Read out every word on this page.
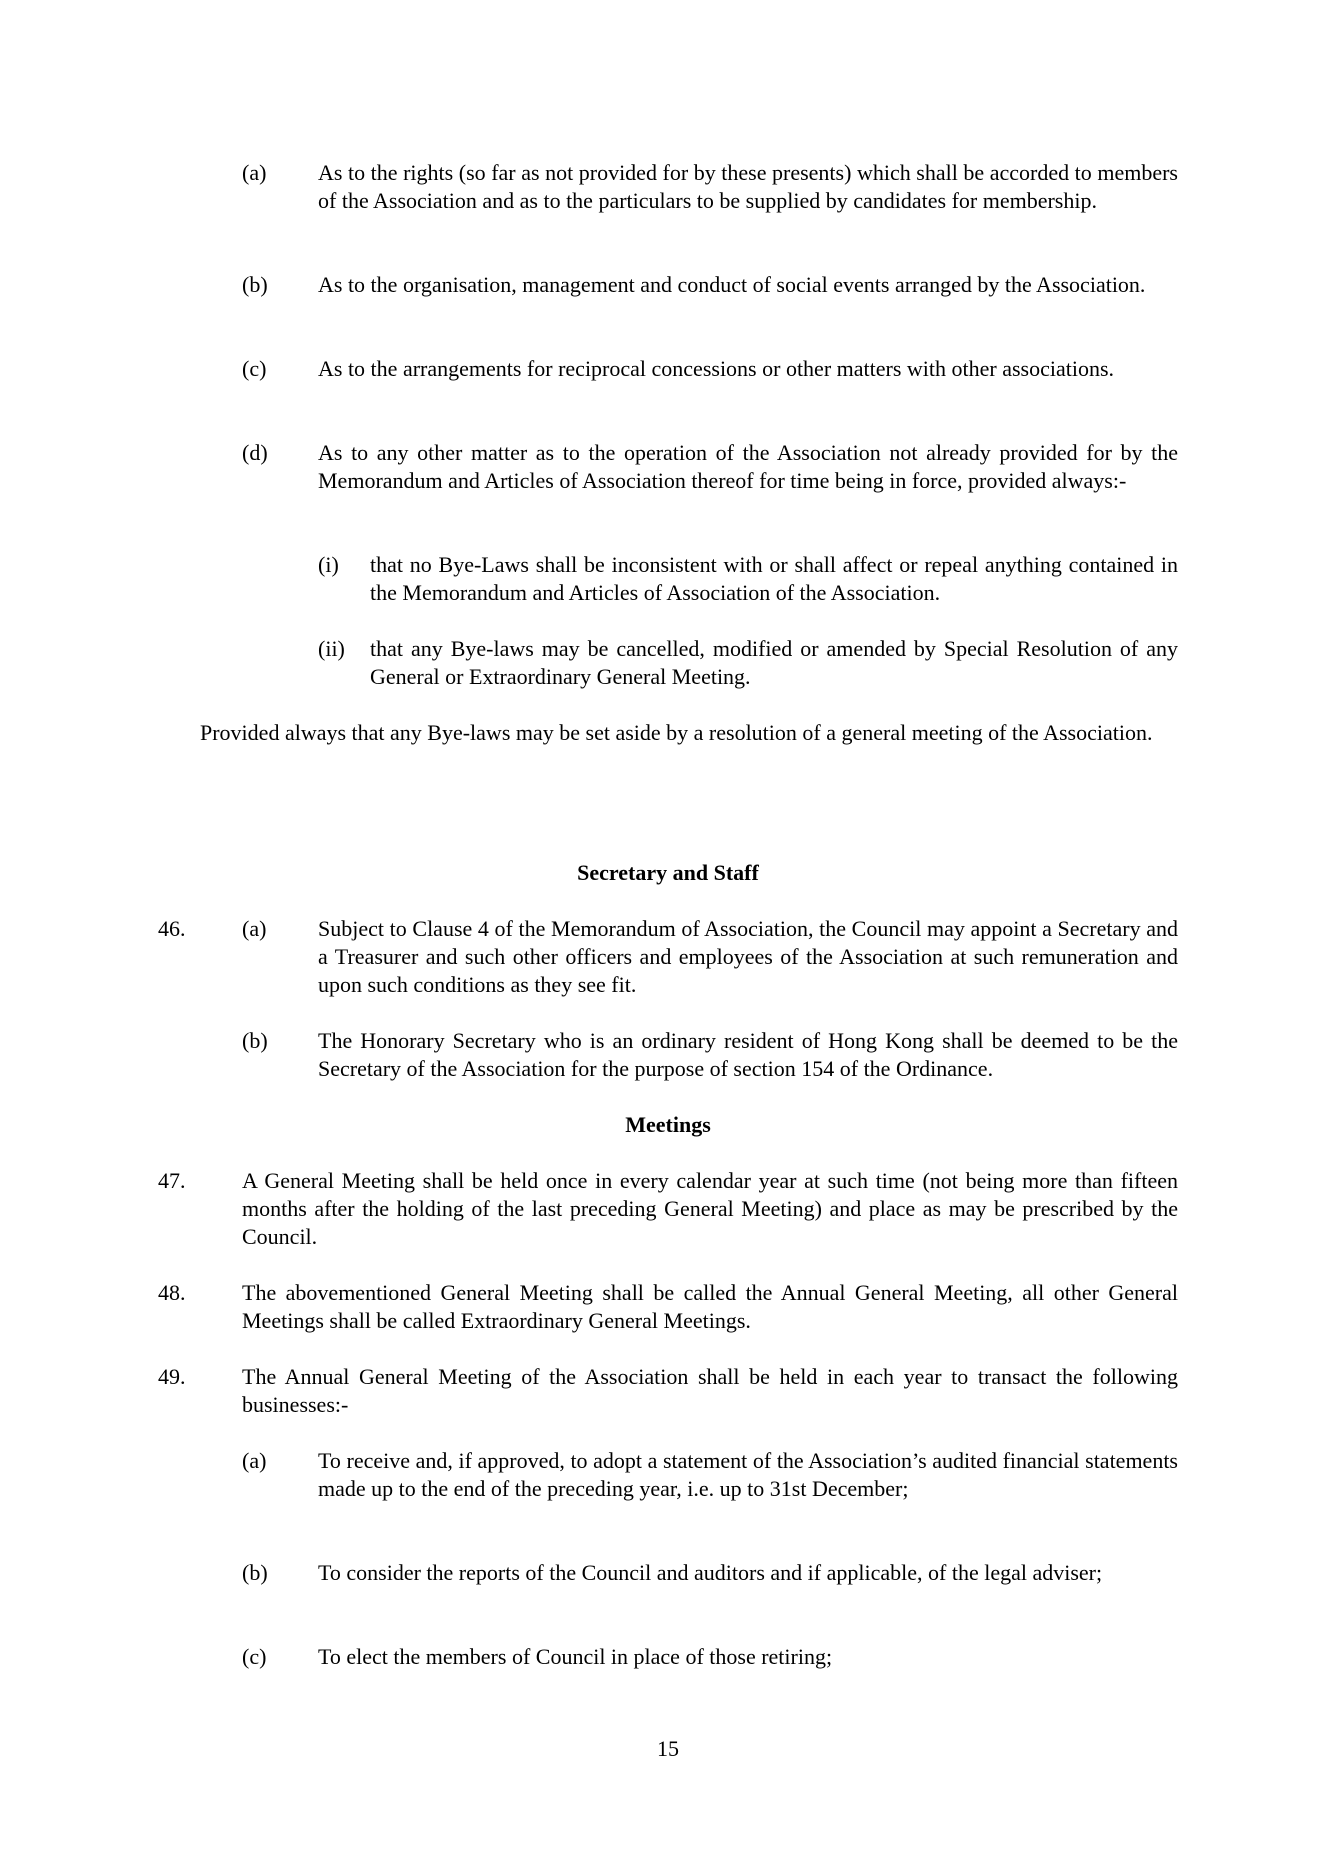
(a) As to the rights (so far as not provided for by these presents) which shall be accorded to members of the Association and as to the particulars to be supplied by candidates for membership.
(b) As to the organisation, management and conduct of social events arranged by the Association.
(c) As to the arrangements for reciprocal concessions or other matters with other associations.
(d) As to any other matter as to the operation of the Association not already provided for by the Memorandum and Articles of Association thereof for time being in force, provided always:-
(i) that no Bye-Laws shall be inconsistent with or shall affect or repeal anything contained in the Memorandum and Articles of Association of the Association.
(ii) that any Bye-laws may be cancelled, modified or amended by Special Resolution of any General or Extraordinary General Meeting.
Provided always that any Bye-laws may be set aside by a resolution of a general meeting of the Association.
Secretary and Staff
46.	(a) Subject to Clause 4 of the Memorandum of Association, the Council may appoint a Secretary and a Treasurer and such other officers and employees of the Association at such remuneration and upon such conditions as they see fit.
(b) The Honorary Secretary who is an ordinary resident of Hong Kong shall be deemed to be the Secretary of the Association for the purpose of section 154 of the Ordinance.
Meetings
47.	A General Meeting shall be held once in every calendar year at such time (not being more than fifteen months after the holding of the last preceding General Meeting) and place as may be prescribed by the Council.
48.	The abovementioned General Meeting shall be called the Annual General Meeting, all other General Meetings shall be called Extraordinary General Meetings.
49.	The Annual General Meeting of the Association shall be held in each year to transact the following businesses:-
(a) To receive and, if approved, to adopt a statement of the Association’s audited financial statements made up to the end of the preceding year, i.e. up to 31st December;
(b) To consider the reports of the Council and auditors and if applicable, of the legal adviser;
(c) To elect the members of Council in place of those retiring;
15
